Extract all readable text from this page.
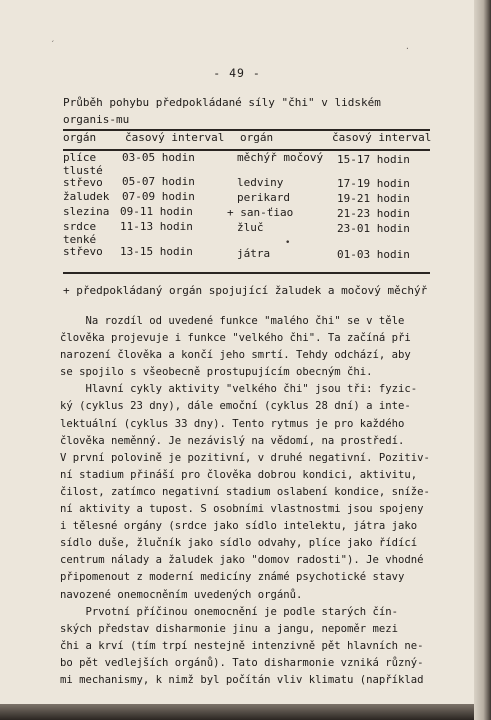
´	·
- 49 -
Průběh pohybu předpokládané síly "čhi" v lidském organis-mu
orgán	časový interval orgán	časový interval
plíce 03-05 hodin	měchýř močový 15-17 hodin
tlusté střevo	05-07 hodin	ledviny	17-19 hodin
žaludek 07-09 hodin	perikard	19-21 hodin
slezina 09-11 hodin	+ san-ťiao	21-23 hodin
srdce 11-13 hodin	žluč	23-01 hodin
tenké střevo	13-15 hodin	játra	01-03 hodin
•
+ předpokládaný orgán spojující žaludek a močový měchýř
Na rozdíl od uvedené funkce "malého čhi" se v těle
člověka projevuje i funkce "velkého čhi". Ta začíná při
narození člověka a končí jeho smrtí. Tehdy odchází, aby
se spojilo s všeobecně prostupujícím obecným čhi.
Hlavní cykly aktivity "velkého čhi" jsou tři: fyzic-
ký (cyklus 23 dny), dále emoční (cyklus 28 dní) a inte-
lektuální (cyklus 33 dny). Tento rytmus je pro každého
člověka neměnný. Je nezávislý na vědomí, na prostředí.
V první polovině je pozitivní, v druhé negativní. Pozitiv-
ní stadium přináší pro člověka dobrou kondici, aktivitu,
čilost, zatímco negativní stadium oslabení kondice, sníže-
ní aktivity a tupost. S osobními vlastnostmi jsou spojeny
i tělesné orgány (srdce jako sídlo intelektu, játra jako
sídlo duše, žlučník jako sídlo odvahy, plíce jako řídící
centrum nálady a žaludek jako "domov radosti"). Je vhodné
připomenout z moderní medicíny známé psychotické stavy
navozené onemocněním uvedených orgánů.
Prvotní příčinou onemocnění je podle starých čín-
ských představ disharmonie jinu a jangu, nepoměr mezi
čhi a krví (tím trpí nestejně intenzivně pět hlavních ne-
bo pět vedlejších orgánů). Tato disharmonie vzniká různý-
mi mechanismy, k nimž byl počítán vliv klimatu (například
